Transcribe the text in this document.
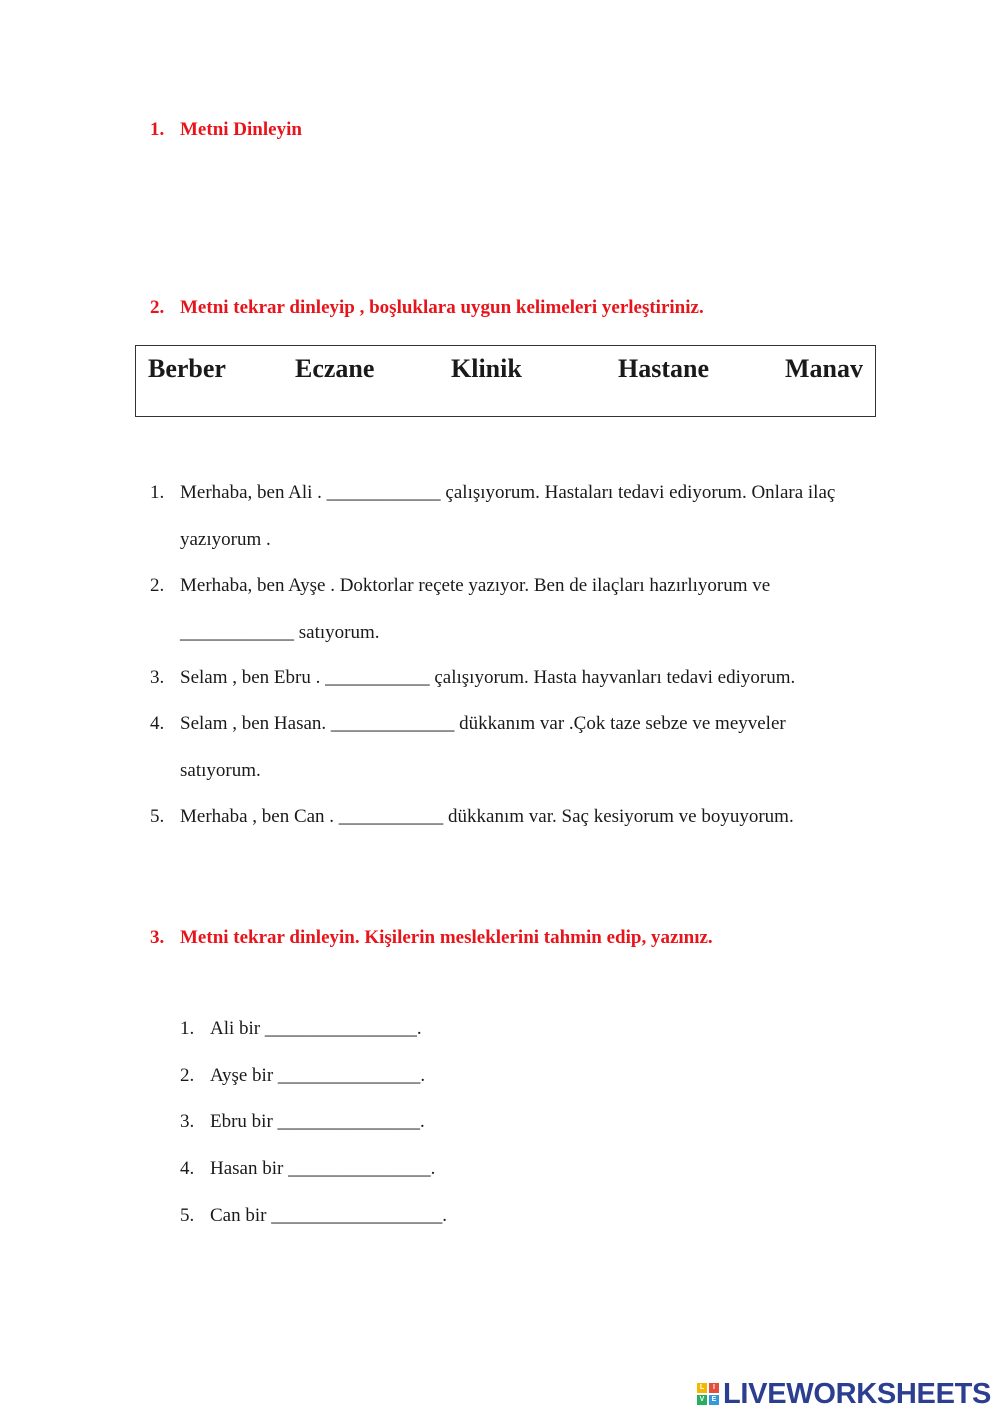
1. Metni Dinleyin
2. Metni tekrar dinleyip , boşluklara uygun kelimeleri yerleştiriniz.
Berber	Eczane	Klinik	Hastane	Manav
1. Merhaba, ben Ali . ____________ çalışıyorum. Hastaları tedavi ediyorum. Onlara ilaç
yazıyorum .
2. Merhaba, ben Ayşe . Doktorlar reçete yazıyor. Ben de ilaçları hazırlıyorum ve
____________ satıyorum.
3. Selam , ben Ebru . ___________ çalışıyorum. Hasta hayvanları tedavi ediyorum.
4. Selam , ben Hasan. _____________ dükkanım var .Çok taze sebze ve meyveler
satıyorum.
5. Merhaba , ben Can . ___________ dükkanım var. Saç kesiyorum ve boyuyorum.
3. Metni tekrar dinleyin. Kişilerin mesleklerini tahmin edip, yazınız.
1. Ali bir ________________.
2. Ayşe bir _______________.
3. Ebru bir _______________.
4. Hasan bir _______________.
5. Can bir __________________.
L	I
V	E LIVEWORKSHEETS
